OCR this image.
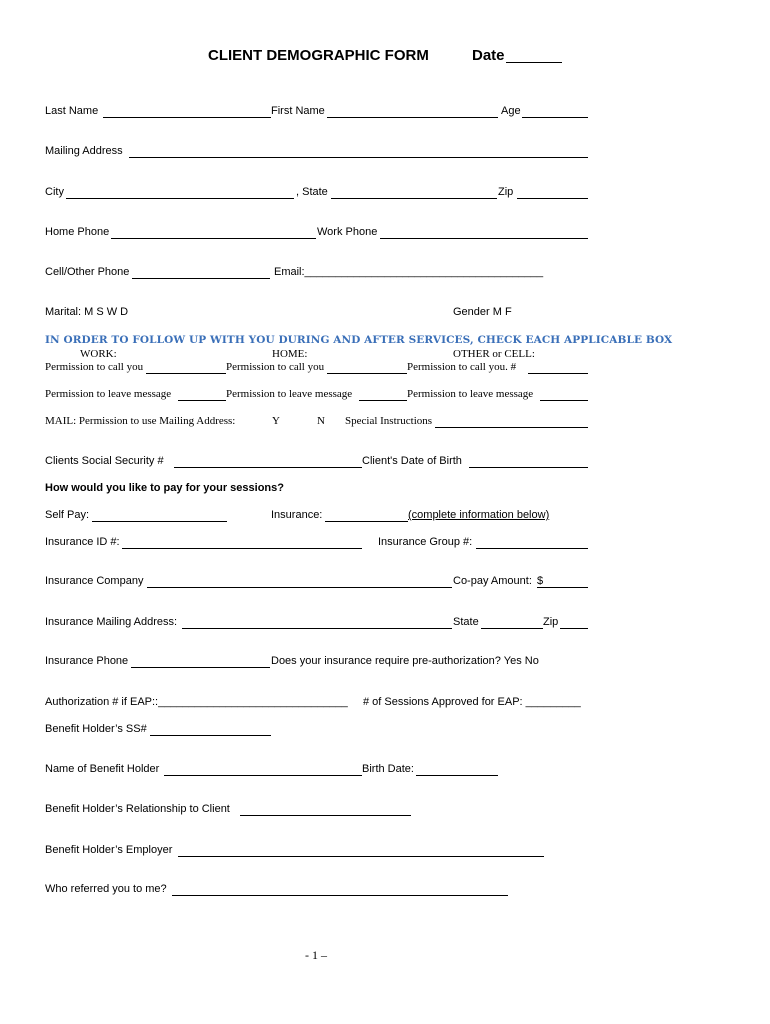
CLIENT DEMOGRAPHIC FORM	Date
Last Name	First Name	Age
Mailing Address
City	, State	Zip
Home Phone	Work Phone
Cell/Other Phone	Email:_______________________________________
Marital: M S W D	Gender M F
IN ORDER TO FOLLOW UP WITH YOU DURING AND AFTER SERVICES, CHECK EACH APPLICABLE BOX
WORK:	HOME:	OTHER or CELL:
Permission to call you	Permission to call you	Permission to call you. #
Permission to leave message	Permission to leave message	Permission to leave message
MAIL: Permission to use Mailing Address:	Y	N Special Instructions
Clients Social Security #	Client's Date of Birth
How would you like to pay for your sessions?
Self Pay:	Insurance:	(complete information below)
Insurance ID #:	Insurance Group #:
Insurance Company	Co-pay Amount: $
Insurance Mailing Address:	State	Zip
Insurance Phone	Does your insurance require pre-authorization? Yes No
Authorization # if EAP::_______________________________ # of Sessions Approved for EAP: _________
Benefit Holder’s SS#
Name of Benefit Holder	Birth Date:
Benefit Holder’s Relationship to Client
Benefit Holder’s Employer
Who referred you to me?
- 1 –
